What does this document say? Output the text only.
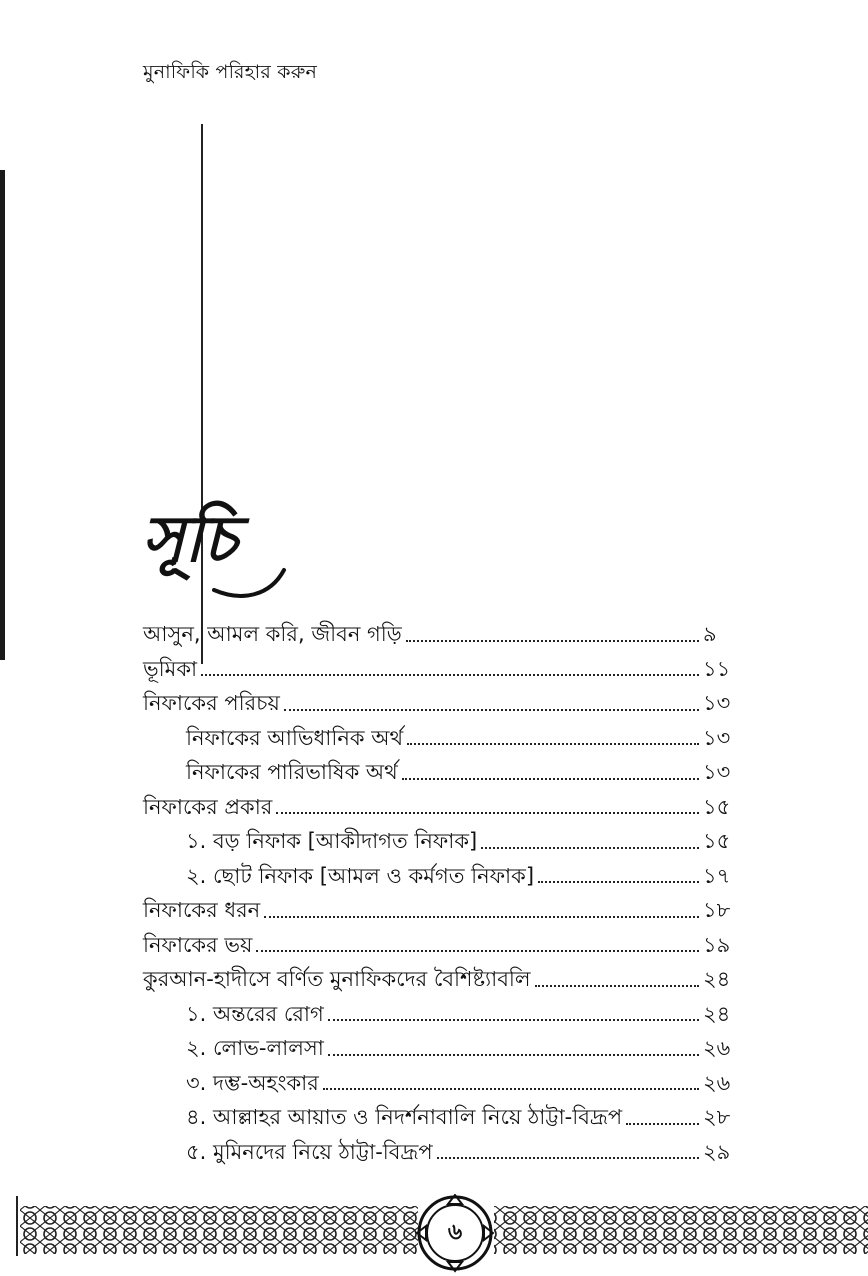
মুনাফিকি পরিহার করুন
সূচি
আসুন, আমল করি, জীবন গড়ি	৯
ভূমিকা	১১
নিফাকের পরিচয়	১৩
নিফাকের আভিধানিক অর্থ	১৩
নিফাকের পারিভাষিক অর্থ	১৩
নিফাকের প্রকার	১৫
১. বড় নিফাক [আকীদাগত নিফাক]	১৫
২. ছোট নিফাক [আমল ও কর্মগত নিফাক]	১৭
নিফাকের ধরন	১৮
নিফাকের ভয়	১৯
কুরআন-হাদীসে বর্ণিত মুনাফিকদের বৈশিষ্ট্যাবলি	২৪
১. অন্তরের রোগ	২৪
২. লোভ-লালসা	২৬
৩. দম্ভ-অহংকার	২৬
৪. আল্লাহর আয়াত ও নিদর্শনাবালি নিয়ে ঠাট্টা-বিদ্রূপ	২৮
৫. মুমিনদের নিয়ে ঠাট্টা-বিদ্রূপ	২৯
৬
